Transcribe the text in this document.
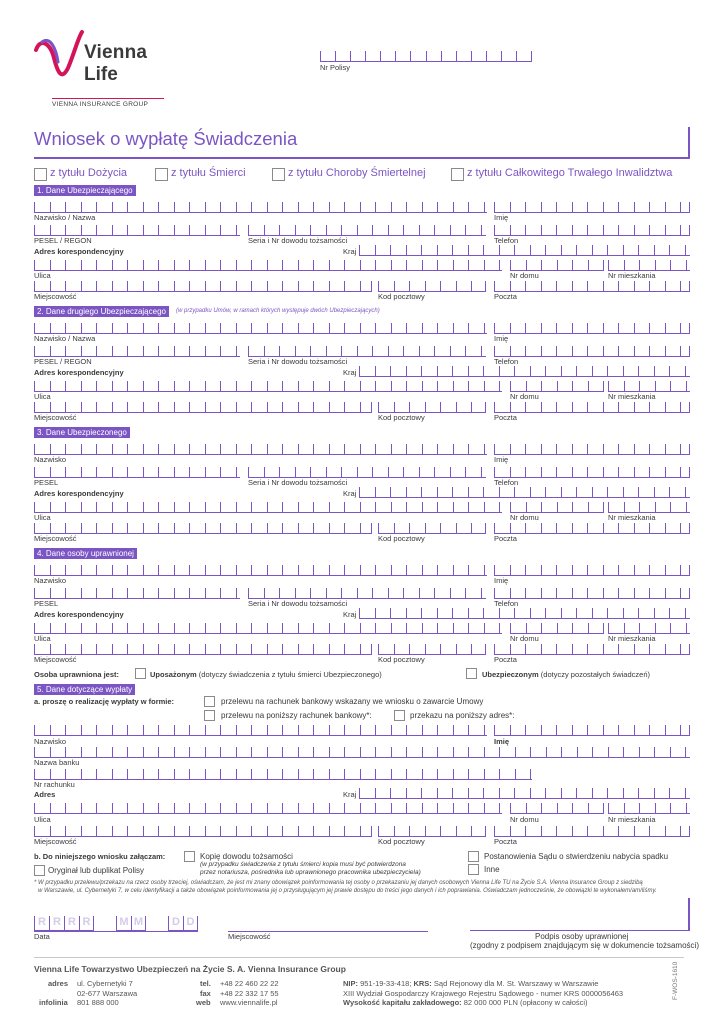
Vienna
Life
VIENNA INSURANCE GROUP
Nr Polisy
Wniosek o wypłatę Świadczenia
z tytułu Dożycia	z tytułu Śmierci	z tytułu Choroby Śmiertelnej	z tytułu Całkowitego Trwałego Inwalidztwa
1. Dane Ubezpieczającego
Nazwisko / Nazwa	Imię
PESEL / REGON	Seria i Nr dowodu tożsamości	Telefon
Adres korespondencyjny	Kraj
Ulica	Nr domu	Nr mieszkania
Miejscowość	Kod pocztowy	Poczta
2. Dane drugiego Ubezpieczającego	(w przypadku Umów, w ramach których występuje dwóch Ubezpieczających)
Nazwisko / Nazwa	Imię
PESEL / REGON	Seria i Nr dowodu tożsamości	Telefon
Adres korespondencyjny	Kraj
Ulica	Nr domu	Nr mieszkania
Miejscowość	Kod pocztowy	Poczta
3. Dane Ubezpieczonego
Nazwisko	Imię
PESEL	Seria i Nr dowodu tożsamości	Telefon
Adres korespondencyjny	Kraj
Ulica	Nr domu	Nr mieszkania
Miejscowość	Kod pocztowy	Poczta
4. Dane osoby uprawnionej
Nazwisko	Imię
PESEL	Seria i Nr dowodu tożsamości	Telefon
Adres korespondencyjny	Kraj
Ulica	Nr domu	Nr mieszkania
Miejscowość	Kod pocztowy	Poczta
Osoba uprawniona jest:	Uposażonym (dotyczy świadczenia z tytułu śmierci Ubezpieczonego)	Ubezpieczonym (dotyczy pozostałych świadczeń)
5. Dane dotyczące wypłaty
a. proszę o realizację wypłaty w formie:	przelewu na rachunek bankowy wskazany we wniosku o zawarcie Umowy
przelewu na poniższy rachunek bankowy*:	przekazu na poniższy adres*:
Nazwisko	Imię
Nazwa banku
Nr rachunku
Adres	Kraj
Ulica	Nr domu	Nr mieszkania
Miejscowość	Kod pocztowy	Poczta
b. Do niniejszego wniosku załączam:	Kopię dowodu tożsamości
(w przypadku świadczenia z tytułu śmierci kopia musi być potwierdzona
przez notariusza, pośrednika lub uprawnionego pracownika ubezpieczyciela)
Postanowienia Sądu o stwierdzeniu nabycia spadku
Oryginał lub duplikat Polisy	Inne
* W przypadku przelewu/przekazu na rzecz osoby trzeciej, oświadczam, że jest mi znany obowiązek poinformowania tej osoby o przekazaniu jej danych osobowych Vienna Life TU na Życie S.A. Vienna Insurance Group z siedzibą
w Warszawie, ul. Cybernetyki 7, w celu identyfikacji a także obowiązek poinformowania jej o przysługującym jej prawie dostępu do treści jego danych i ich poprawiania. Oświadczam jednocześnie, że obowiązki te wykonałem/am/liśmy.
R R R R	M M	D D
Data	Miejscowość	Podpis osoby uprawnionej
(zgodny z podpisem znajdującym się w dokumencie tożsamości)
Vienna Life Towarzystwo Ubezpieczeń na Życie S. A. Vienna Insurance Group
adres ul. Cybernetyki 7
02-677 Warszawa
infolinia 801 888 000
tel. +48 22 460 22 22
fax +48 22 332 17 55
web www.viennalife.pl
NIP: 951-19-33-418; KRS: Sąd Rejonowy dla M. St. Warszawy w Warszawie
XIII Wydział Gospodarczy Krajowego Rejestru Sądowego - numer KRS 0000056463
Wysokość kapitału zakładowego: 82 000 000 PLN (opłacony w całości)
F-WOS-1610
